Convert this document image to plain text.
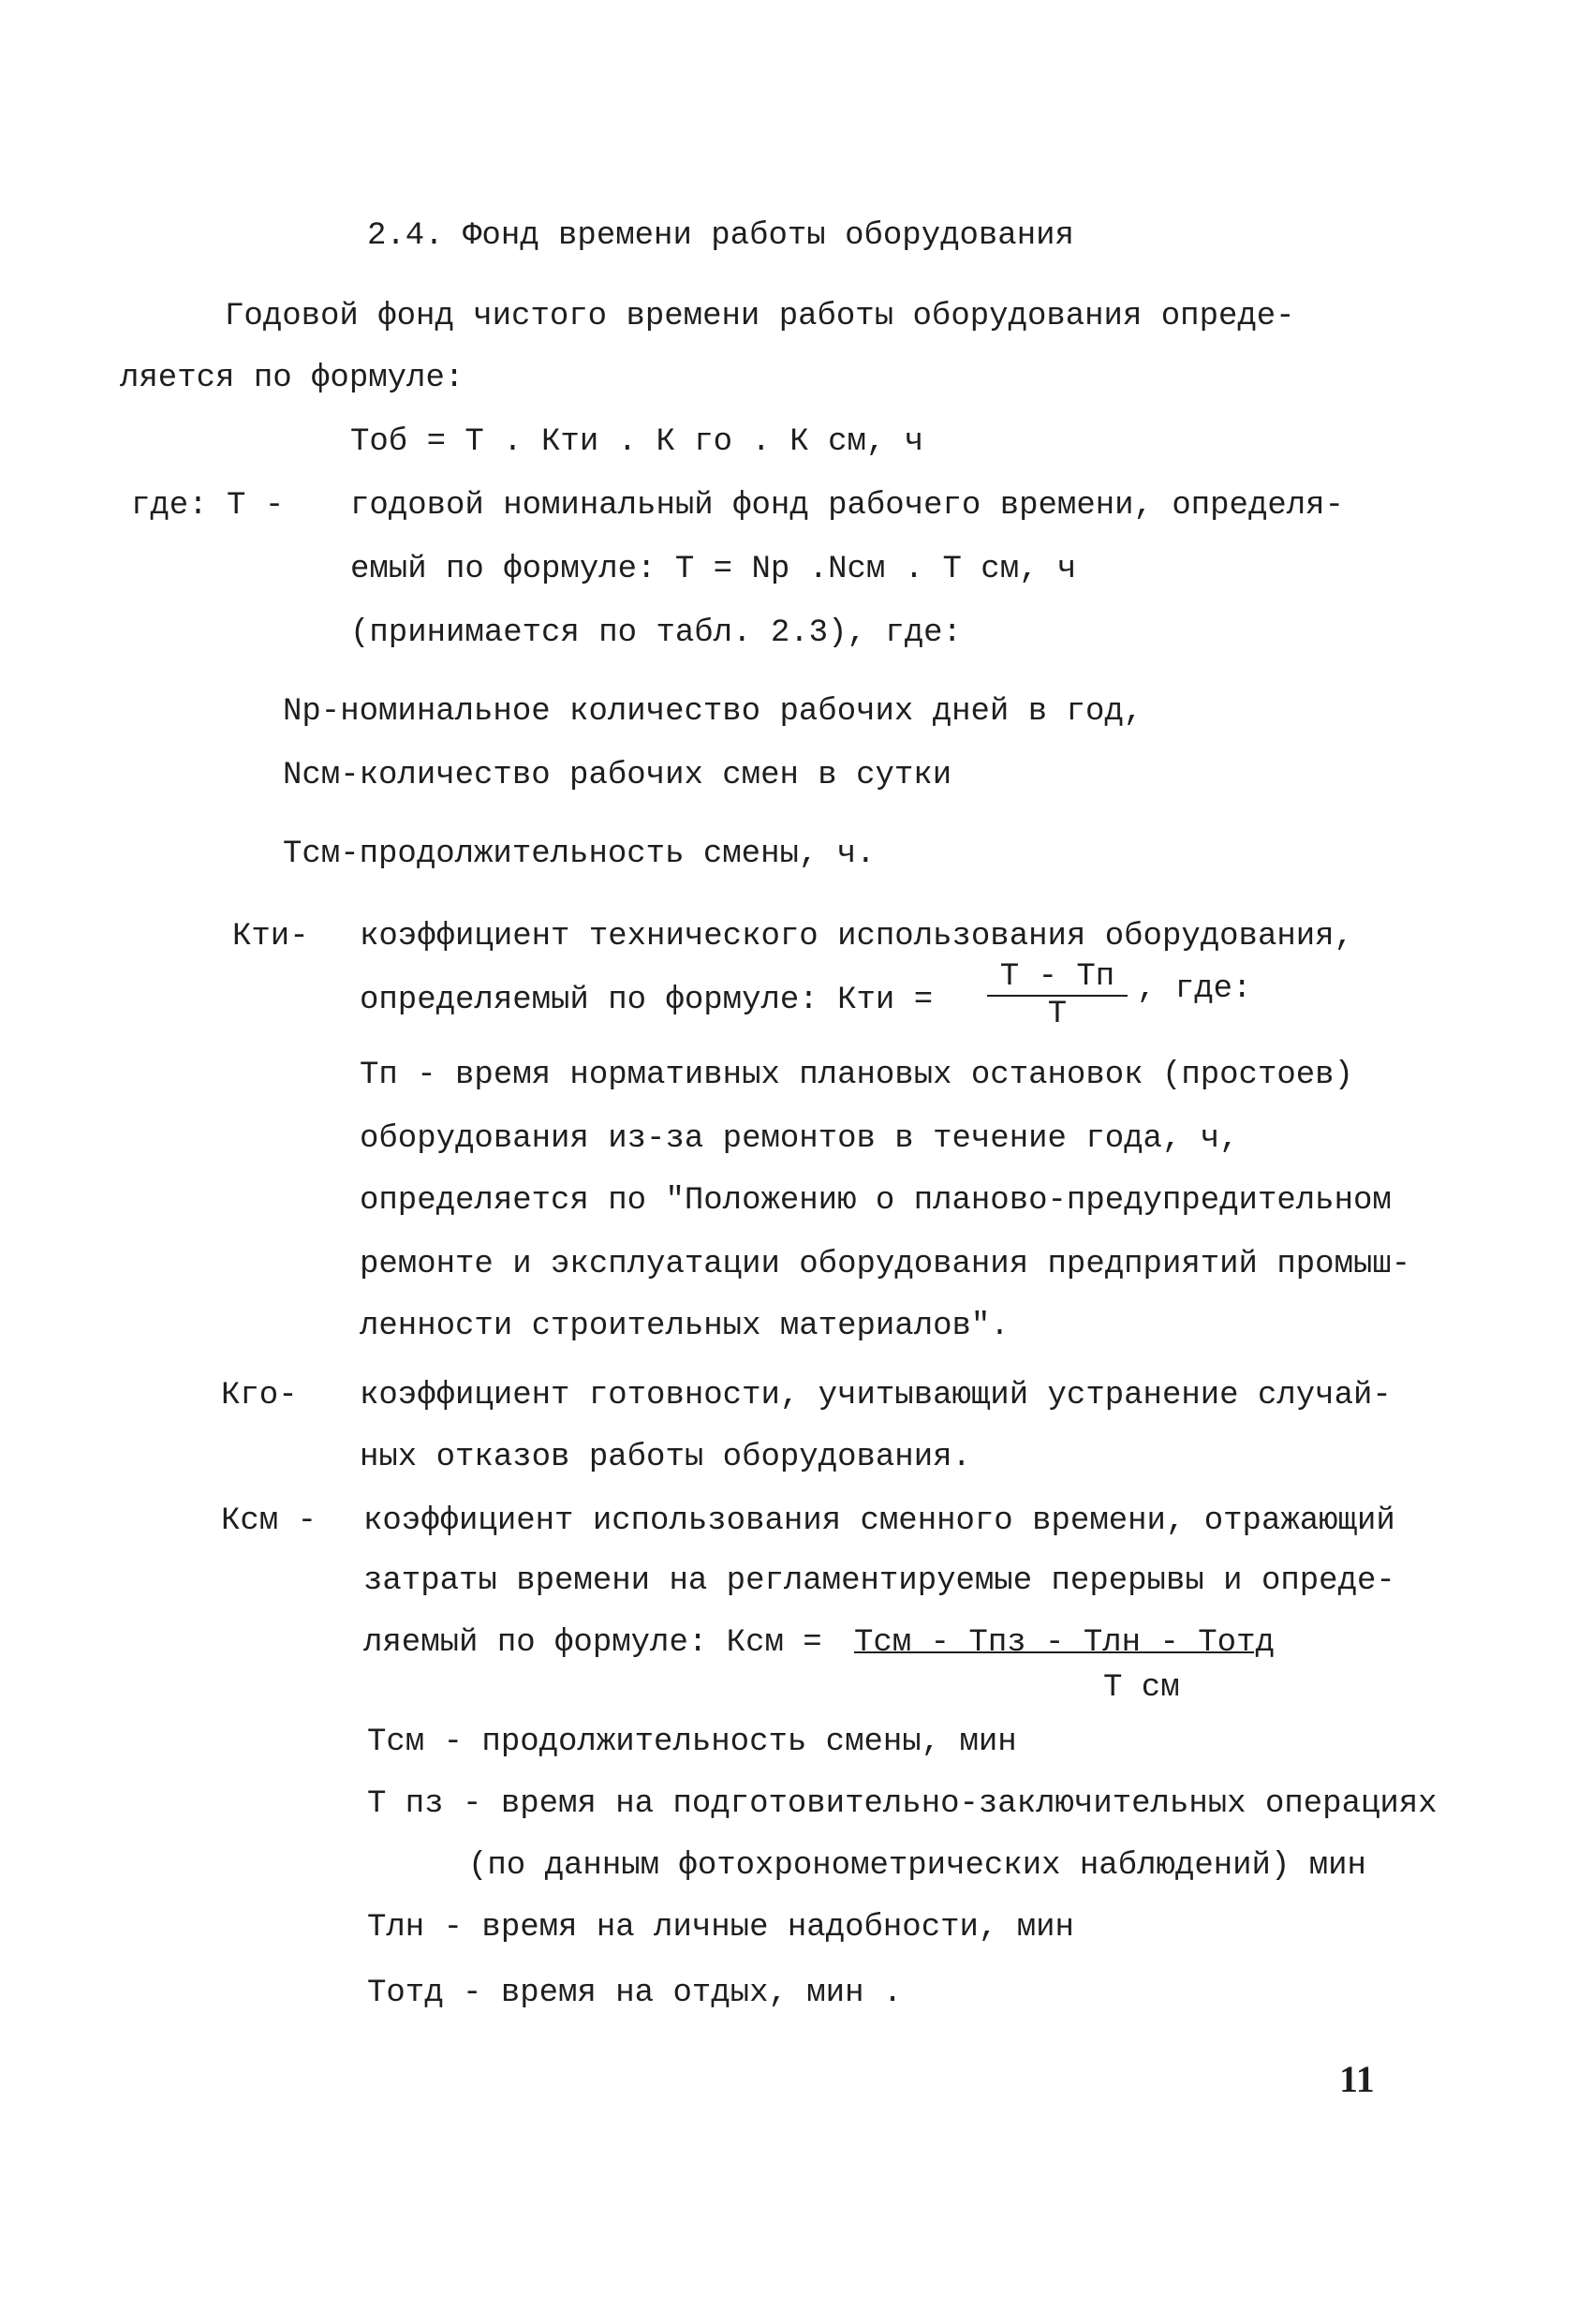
2.4. Фонд времени работы оборудования
Годовой фонд чистого времени работы оборудования опреде-
ляется по формуле:
Тоб = Т . Кти . К го . К см, ч
где: Т - годовой номинальный фонд рабочего времени, определя-
емый по формуле: Т = Nр .Nсм . Т см, ч
(принимается по табл. 2.3), где:
Nр-номинальное количество рабочих дней в год,
Nсм-количество рабочих смен в сутки
Тсм-продолжительность смены, ч.
Кти- коэффициент технического использования оборудования,
определяемый по формуле: Кти =
Т - Тп
Т
, где:
Тп - время нормативных плановых остановок (простоев)
оборудования из-за ремонтов в течение года, ч,
определяется по "Положению о планово-предупредительном
ремонте и эксплуатации оборудования предприятий промыш-
ленности строительных материалов".
Кго- коэффициент готовности, учитывающий устранение случай-
ных отказов работы оборудования.
Ксм - коэффициент использования сменного времени, отражающий
затраты времени на регламентируемые перерывы и опреде-
ляемый по формуле: Ксм = Тсм - Тпз - Тлн - Тотд
Т см
Тсм - продолжительность смены, мин
Т пз - время на подготовительно-заключительных операциях
(по данным фотохронометрических наблюдений) мин
Тлн - время на личные надобности, мин
Тотд - время на отдых, мин .
11
